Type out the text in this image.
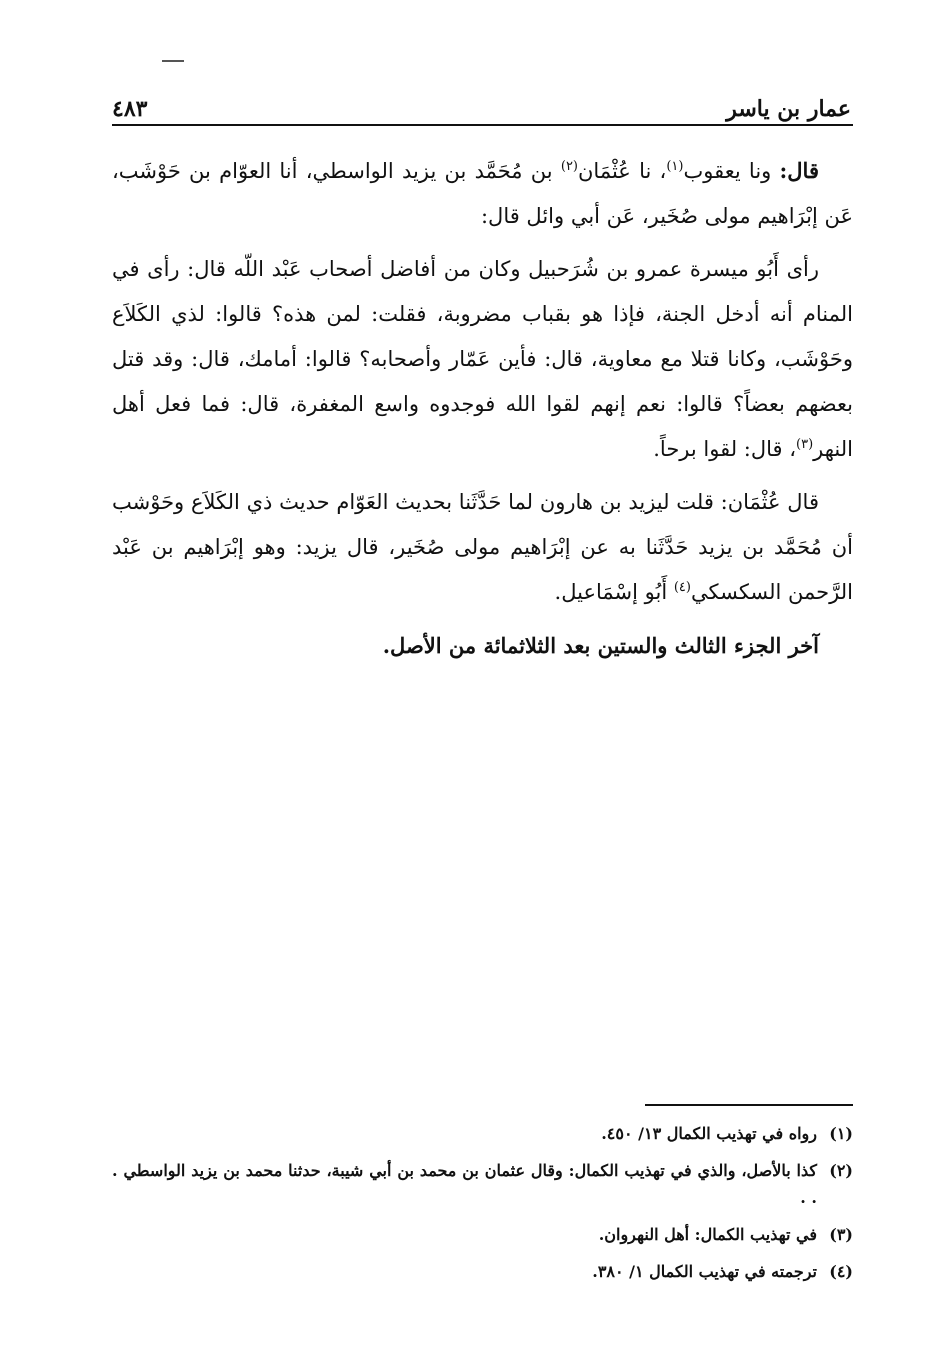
عمار بن ياسر
٤٨٣

قال: ونا يعقوب$^{(١)}$، نا عُثْمَان$^{(٢)}$ بن مُحَمَّد بن يزيد الواسطي، أنا العوّام بن حَوْشَب، عَن إبْرَاهيم مولى صُخَير، عَن أبي وائل قال:

رأى أَبُو ميسرة عمرو بن شُرَحبيل وكان من أفاضل أصحاب عَبْد اللّه قال: رأى في المنام أنه أدخل الجنة، فإذا هو بقباب مضروبة، فقلت: لمن هذه؟ قالوا: لذي الكَلاَع وحَوْشَب، وكانا قتلا مع معاوية، قال: فأين عَمّار وأصحابه؟ قالوا: أمامك، قال: وقد قتل بعضهم بعضاً؟ قالوا: نعم إنهم لقوا الله فوجدوه واسع المغفرة، قال: فما فعل أهل النهر$^{(٣)}$، قال: لقوا برحاً.

قال عُثْمَان: قلت ليزيد بن هارون لما حَدَّثَنا بحديث العَوّام حديث ذي الكَلاَع وحَوْشب أن مُحَمَّد بن يزيد حَدَّثَنا به عن إبْرَاهيم مولى صُخَير، قال يزيد: وهو إبْرَاهيم بن عَبْد الرَّحمن السكسكي$^{(٤)}$ أَبُو إسْمَاعيل.

آخر الجزء الثالث والستين بعد الثلاثمائة من الأصل.

(١)
رواه في تهذيب الكمال ١٣/ ٤٥٠.
(٢)
كذا بالأصل، والذي في تهذيب الكمال: وقال عثمان بن محمد بن أبي شيبة، حدثنا محمد بن يزيد الواسطي . . .
(٣)
في تهذيب الكمال: أهل النهروان.
(٤)
ترجمته في تهذيب الكمال ١/ ٣٨٠.
